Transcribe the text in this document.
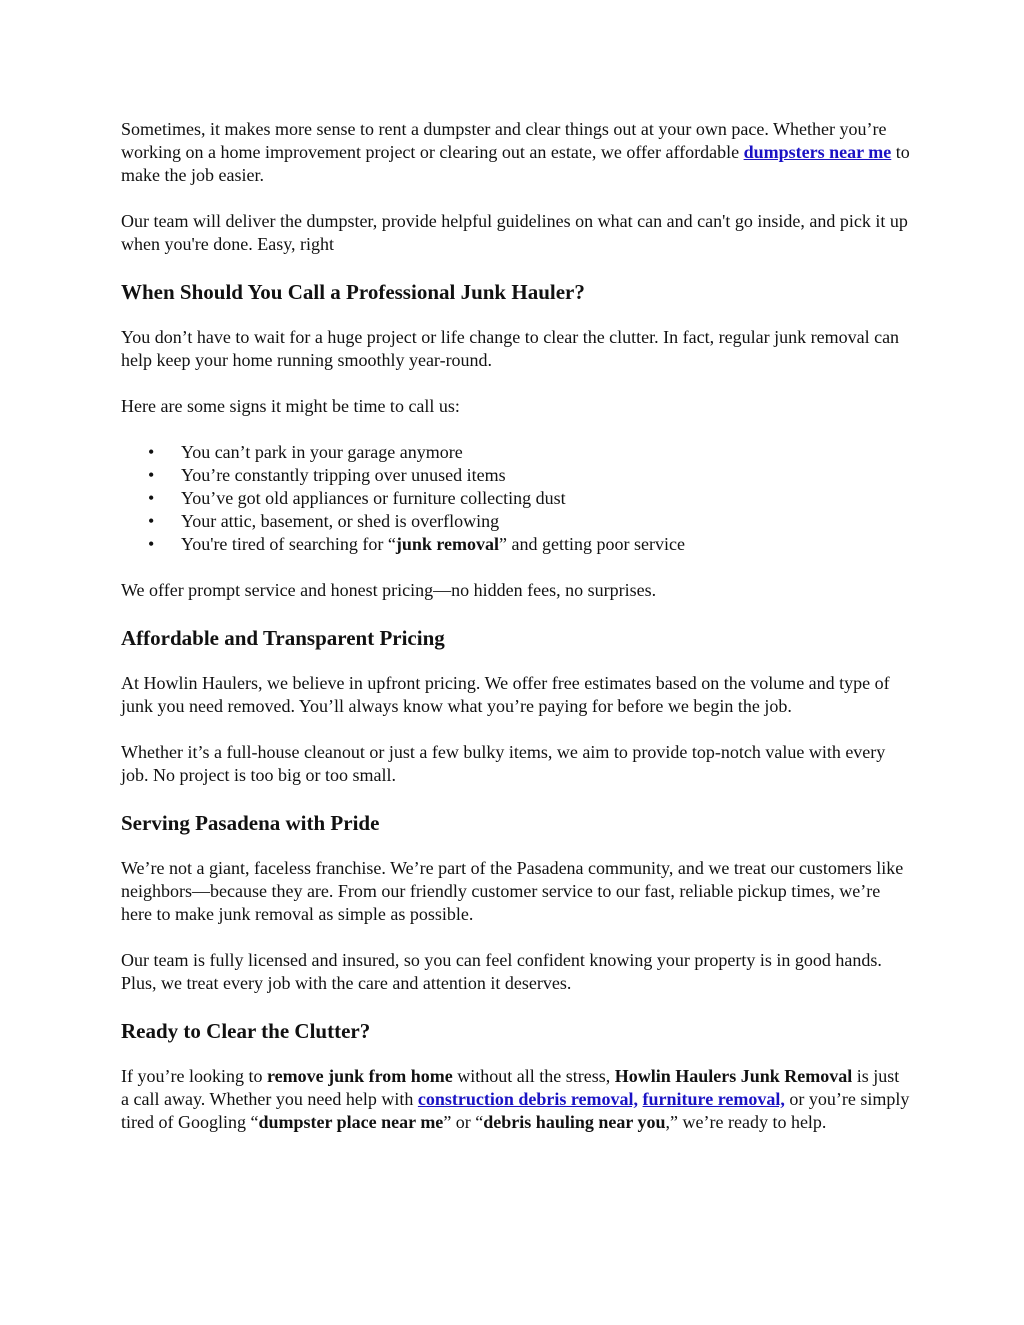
Sometimes, it makes more sense to rent a dumpster and clear things out at your own pace. Whether you’re working on a home improvement project or clearing out an estate, we offer affordable dumpsters near me to make the job easier.

Our team will deliver the dumpster, provide helpful guidelines on what can and can't go inside, and pick it up when you're done. Easy, right

When Should You Call a Professional Junk Hauler?

You don’t have to wait for a huge project or life change to clear the clutter. In fact, regular junk removal can help keep your home running smoothly year-round.

Here are some signs it might be time to call us:

• You can’t park in your garage anymore
• You’re constantly tripping over unused items
• You’ve got old appliances or furniture collecting dust
• Your attic, basement, or shed is overflowing
• You're tired of searching for “junk removal” and getting poor service

We offer prompt service and honest pricing—no hidden fees, no surprises.

Affordable and Transparent Pricing

At Howlin Haulers, we believe in upfront pricing. We offer free estimates based on the volume and type of junk you need removed. You’ll always know what you’re paying for before we begin the job.

Whether it’s a full-house cleanout or just a few bulky items, we aim to provide top-notch value with every job. No project is too big or too small.

Serving Pasadena with Pride

We’re not a giant, faceless franchise. We’re part of the Pasadena community, and we treat our customers like neighbors—because they are. From our friendly customer service to our fast, reliable pickup times, we’re here to make junk removal as simple as possible.

Our team is fully licensed and insured, so you can feel confident knowing your property is in good hands. Plus, we treat every job with the care and attention it deserves.

Ready to Clear the Clutter?

If you’re looking to remove junk from home without all the stress, Howlin Haulers Junk Removal is just a call away. Whether you need help with construction debris removal, furniture removal, or you’re simply tired of Googling “dumpster place near me” or “debris hauling near you,” we’re ready to help.
